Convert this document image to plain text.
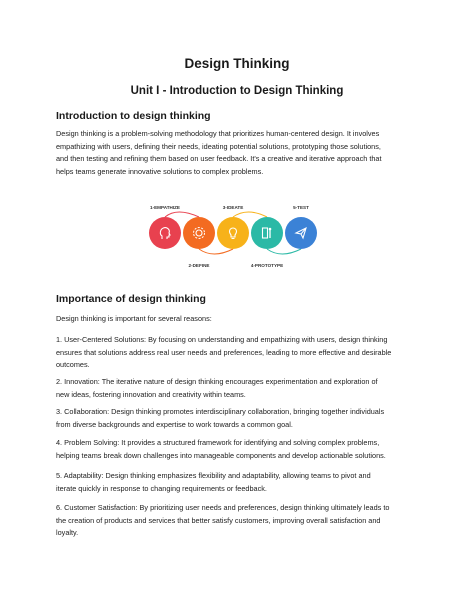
Design Thinking
Unit I - Introduction to Design Thinking
Introduction to design thinking
Design thinking is a problem-solving methodology that prioritizes human-centered design. It involves
empathizing with users, defining their needs, ideating potential solutions, prototyping those solutions,
and then testing and refining them based on user feedback. It's a creative and iterative approach that
helps teams generate innovative solutions to complex problems.
1-EMPATHIZE
2-DEFINE
3-IDEATE
4-PROTOTYPE
5-TEST
Importance of design thinking
Design thinking is important for several reasons:
1. User-Centered Solutions: By focusing on understanding and empathizing with users, design thinking
ensures that solutions address real user needs and preferences, leading to more effective and desirable
outcomes.
2. Innovation: The iterative nature of design thinking encourages experimentation and exploration of
new ideas, fostering innovation and creativity within teams.
3. Collaboration: Design thinking promotes interdisciplinary collaboration, bringing together individuals
from diverse backgrounds and expertise to work towards a common goal.
4. Problem Solving: It provides a structured framework for identifying and solving complex problems,
helping teams break down challenges into manageable components and develop actionable solutions.
5. Adaptability: Design thinking emphasizes flexibility and adaptability, allowing teams to pivot and
iterate quickly in response to changing requirements or feedback.
6. Customer Satisfaction: By prioritizing user needs and preferences, design thinking ultimately leads to
the creation of products and services that better satisfy customers, improving overall satisfaction and
loyalty.
